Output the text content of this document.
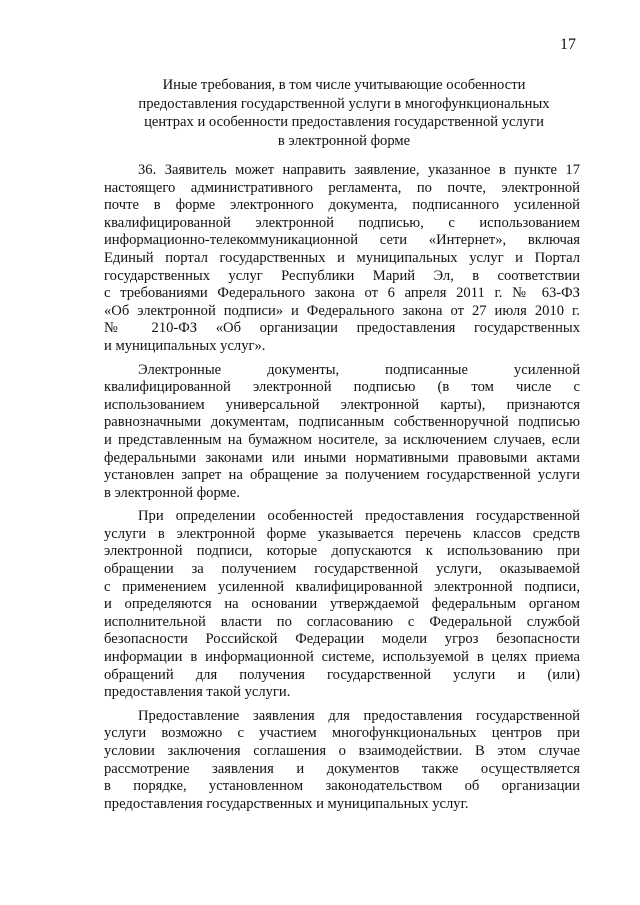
17
Иные требования, в том числе учитывающие особенности
предоставления государственной услуги в многофункциональных
центрах и особенности предоставления государственной услуги
в электронной форме
36. Заявитель может направить заявление, указанное в пункте 17
настоящего административного регламента, по почте, электронной
почте в форме электронного документа, подписанного усиленной
квалифицированной электронной подписью, с использованием
информационно-телекоммуникационной сети «Интернет», включая
Единый портал государственных и муниципальных услуг и Портал
государственных услуг Республики Марий Эл, в соответствии
с требованиями Федерального закона от 6 апреля 2011 г. № 63-ФЗ
«Об электронной подписи» и Федерального закона от 27 июля 2010 г.
№ 210-ФЗ «Об организации предоставления государственных
и муниципальных услуг».
Электронные документы, подписанные усиленной
квалифицированной электронной подписью (в том числе с
использованием универсальной электронной карты), признаются
равнозначными документам, подписанным собственноручной подписью
и представленным на бумажном носителе, за исключением случаев, если
федеральными законами или иными нормативными правовыми актами
установлен запрет на обращение за получением государственной услуги
в электронной форме.
При определении особенностей предоставления государственной
услуги в электронной форме указывается перечень классов средств
электронной подписи, которые допускаются к использованию при
обращении за получением государственной услуги, оказываемой
с применением усиленной квалифицированной электронной подписи,
и определяются на основании утверждаемой федеральным органом
исполнительной власти по согласованию с Федеральной службой
безопасности Российской Федерации модели угроз безопасности
информации в информационной системе, используемой в целях приема
обращений для получения государственной услуги и (или)
предоставления такой услуги.
Предоставление заявления для предоставления государственной
услуги возможно с участием многофункциональных центров при
условии заключения соглашения о взаимодействии. В этом случае
рассмотрение заявления и документов также осуществляется
в порядке, установленном законодательством об организации
предоставления государственных и муниципальных услуг.
